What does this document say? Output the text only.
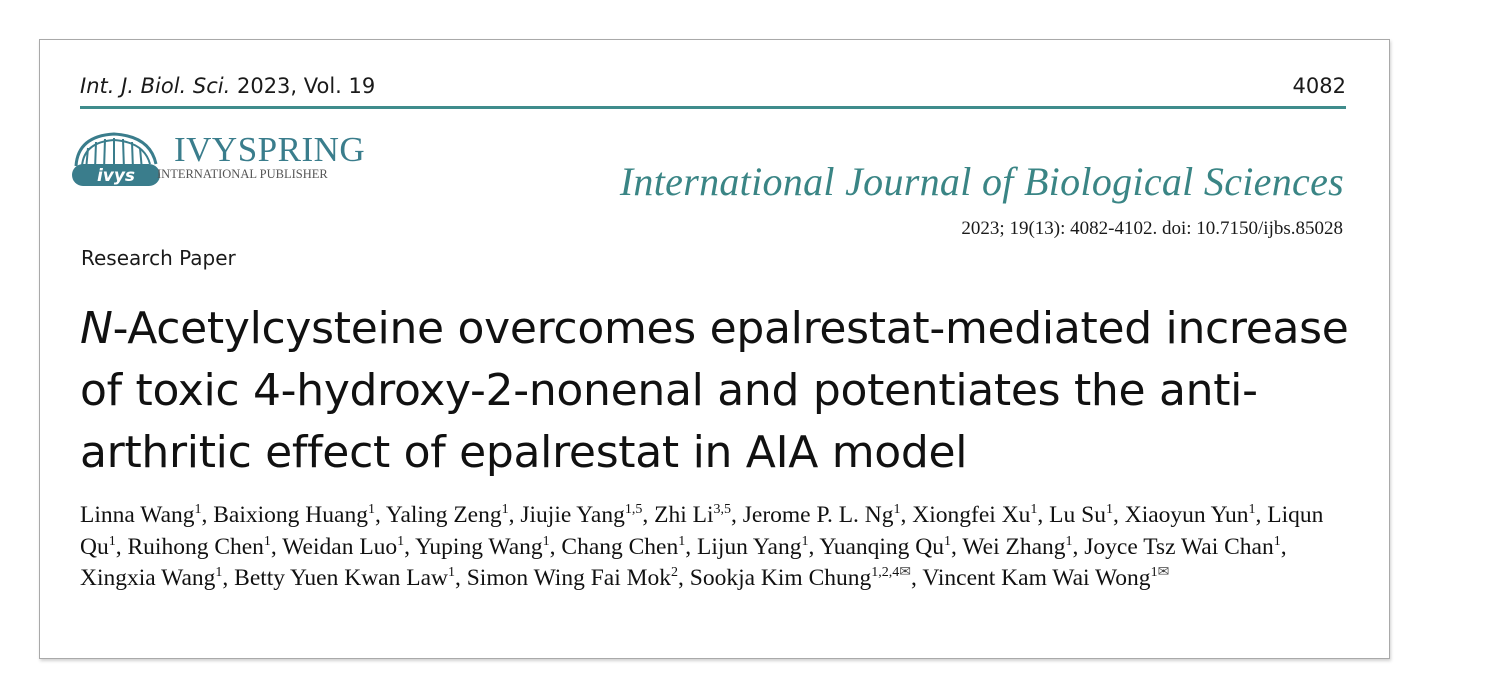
Int. J. Biol. Sci. 2023, Vol. 19	4082
ivys
IVYSPRING
INTERNATIONAL PUBLISHER	International Journal of Biological Sciences
2023; 19(13): 4082-4102. doi: 10.7150/ijbs.85028
Research Paper
N-Acetylcysteine overcomes epalrestat-mediated increase of toxic 4-hydroxy-2-nonenal and potentiates the anti-arthritic effect of epalrestat in AIA model
Linna Wang$^1$, Baixiong Huang$^1$, Yaling Zeng$^1$, Jiujie Yang$^{1,5}$, Zhi Li$^{3,5}$, Jerome P. L. Ng$^1$, Xiongfei Xu$^1$, Lu Su$^1$, Xiaoyun Yun$^1$, Liqun Qu$^1$, Ruihong Chen$^1$, Weidan Luo$^1$, Yuping Wang$^1$, Chang Chen$^1$, Lijun Yang$^1$, Yuanqing Qu$^1$, Wei Zhang$^1$, Joyce Tsz Wai Chan$^1$, Xingxia Wang$^1$, Betty Yuen Kwan Law$^1$, Simon Wing Fai Mok$^2$, Sookja Kim Chung$^{1,2,4✉}$, Vincent Kam Wai Wong$^{1✉}$
